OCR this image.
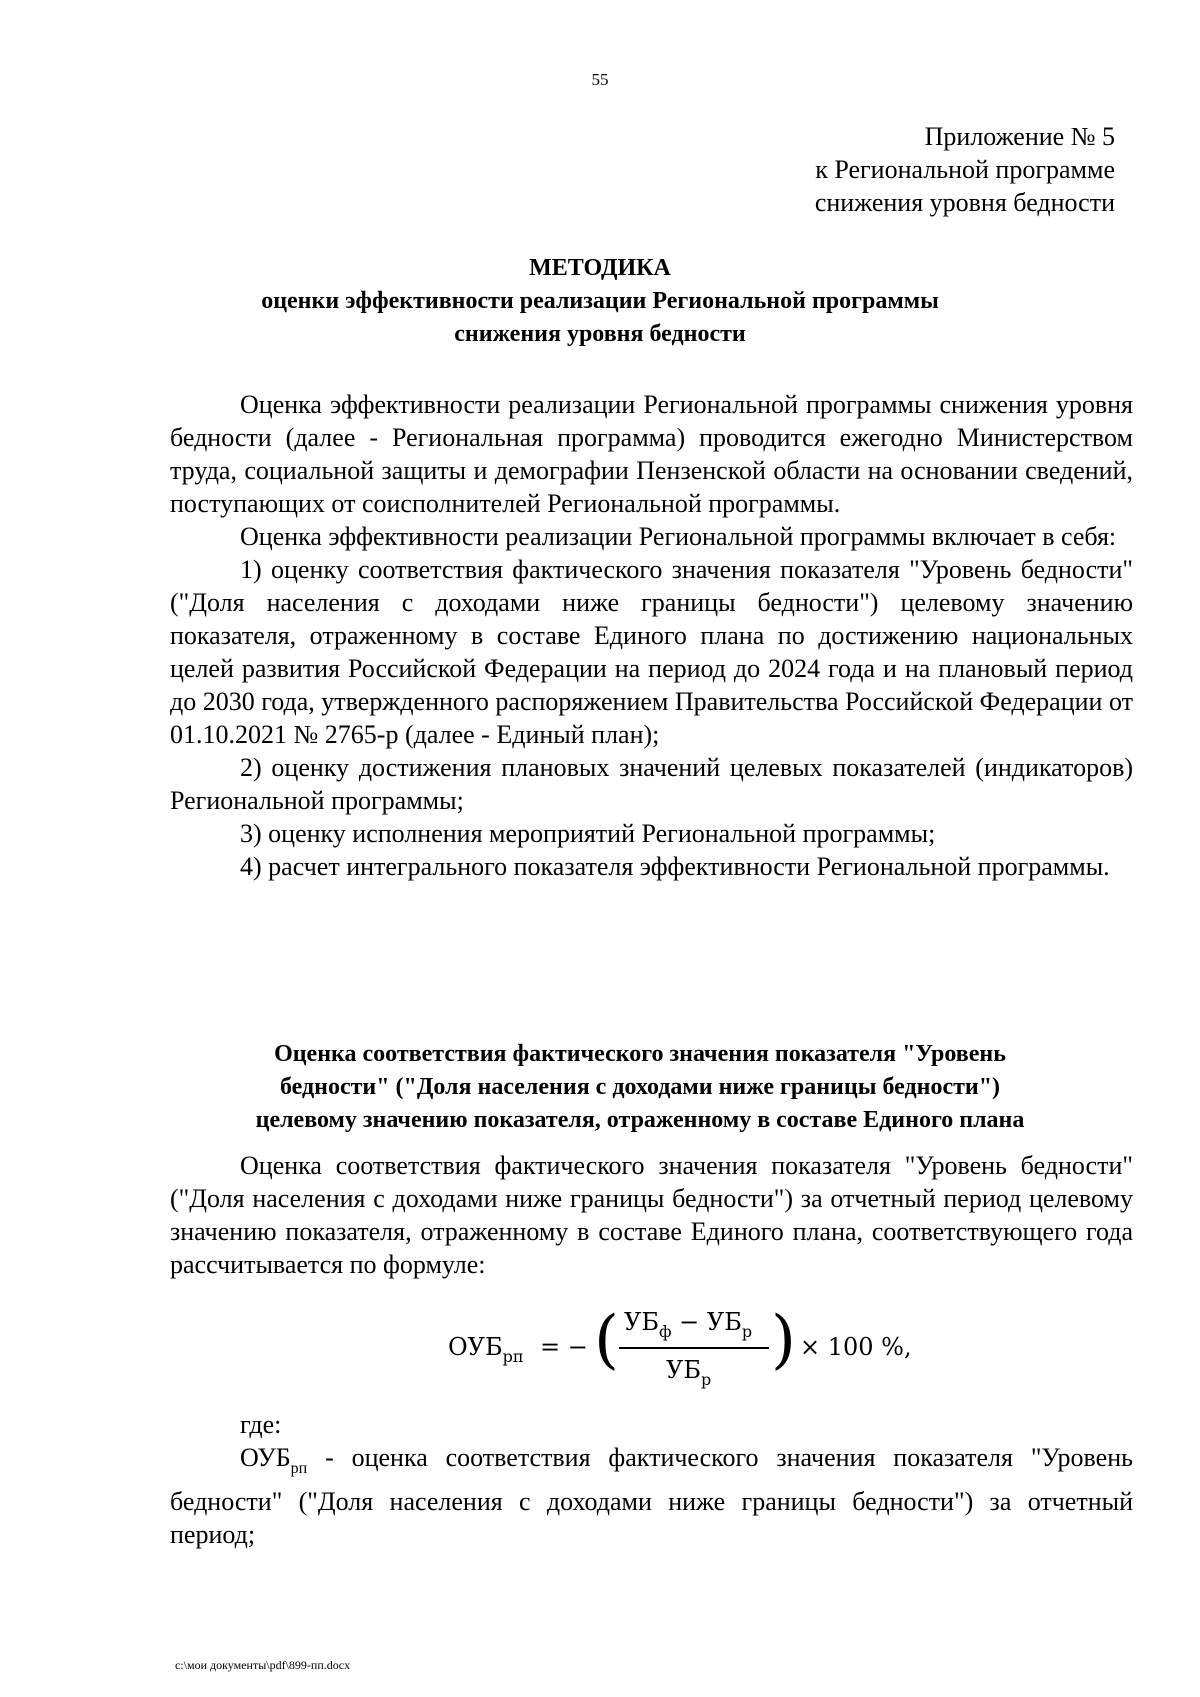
55
Приложение № 5
к Региональной программе
снижения уровня бедности
МЕТОДИКА
оценки эффективности реализации Региональной программы
снижения уровня бедности

Оценка эффективности реализации Региональной программы снижения уровня бедности (далее - Региональная программа) проводится ежегодно Министерством труда, социальной защиты и демографии Пензенской области на основании сведений, поступающих от соисполнителей Региональной программы.

Оценка эффективности реализации Региональной программы включает в себя:

1) оценку соответствия фактического значения показателя "Уровень бедности" ("Доля населения с доходами ниже границы бедности") целевому значению показателя, отраженному в составе Единого плана по достижению национальных целей развития Российской Федерации на период до 2024 года и на плановый период до 2030 года, утвержденного распоряжением Правительства Российской Федерации от 01.10.2021 № 2765-р (далее - Единый план);

2) оценку достижения плановых значений целевых показателей (индикаторов) Региональной программы;

3) оценку исполнения мероприятий Региональной программы;

4) расчет интегрального показателя эффективности Региональной программы.

Оценка соответствия фактического значения показателя "Уровень
бедности" ("Доля населения с доходами ниже границы бедности")
целевому значению показателя, отраженному в составе Единого плана

Оценка соответствия фактического значения показателя "Уровень бедности" ("Доля населения с доходами ниже границы бедности") за отчетный период целевому значению показателя, отраженному в составе Единого плана, соответствующего года рассчитывается по формуле:

$ОУБ_{рп}$ = − ( $УБ_ф - УБ_р$
$УБ_р$
) × 100 %,

где:

$ОУБ_{рп}$ - оценка соответствия фактического значения показателя "Уровень бедности" ("Доля населения с доходами ниже границы бедности") за отчетный период;

c:\мои документы\pdf\899-пп.docx
